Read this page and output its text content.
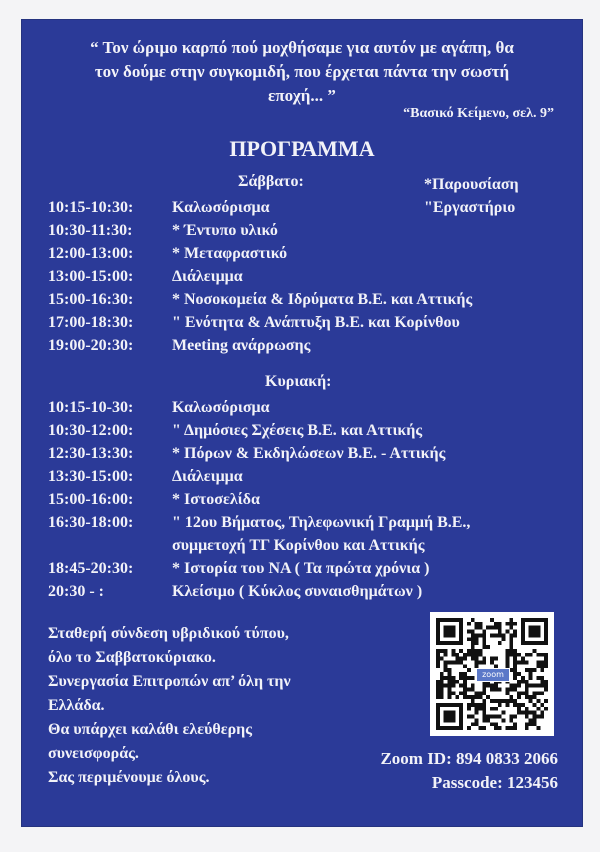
“ Τον ώριμο καρπό πού μοχθήσαμε για αυτόν με αγάπη, θα
τον δούμε στην συγκομιδή, που έρχεται πάντα την σωστή
εποχή... ”
“Βασικό Κείμενο, σελ. 9”
ΠΡΟΓΡΑΜΜΑ
*Παρουσίαση
"Εργαστήριο
Σάββατο:
10:15-10:30:	Καλωσόρισμα
10:30-11:30:	* Έντυπο υλικό
12:00-13:00:	* Μεταφραστικό
13:00-15:00:	Διάλειμμα
15:00-16:30:	* Νοσοκομεία & Ιδρύματα Β.Ε. και Αττικής
17:00-18:30:	" Ενότητα & Ανάπτυξη Β.Ε. και Κορίνθου
19:00-20:30:	Meeting ανάρρωσης
Κυριακή:
10:15-10-30:	Καλωσόρισμα
10:30-12:00:	" Δημόσιες Σχέσεις Β.Ε. και Αττικής
12:30-13:30:	* Πόρων & Εκδηλώσεων Β.Ε. - Αττικής
13:30-15:00:	Διάλειμμα
15:00-16:00:	* Ιστοσελίδα
16:30-18:00:	" 12ου Βήματος, Τηλεφωνική Γραμμή Β.Ε.,
συμμετοχή ΤΓ Κορίνθου και Αττικής
18:45-20:30:	* Ιστορία του ΝΑ ( Τα πρώτα χρόνια )
20:30 - :	Κλείσιμο ( Κύκλος συναισθημάτων )
Σταθερή σύνδεση υβριδικού τύπου,
όλο το Σαββατοκύριακο.
Συνεργασία Επιτροπών απ’ όλη την
Ελλάδα.
Θα υπάρχει καλάθι ελεύθερης
συνεισφοράς.
Σας περιμένουμε όλους.
zoom
Zoom ID: 894 0833 2066
Passcode: 123456
